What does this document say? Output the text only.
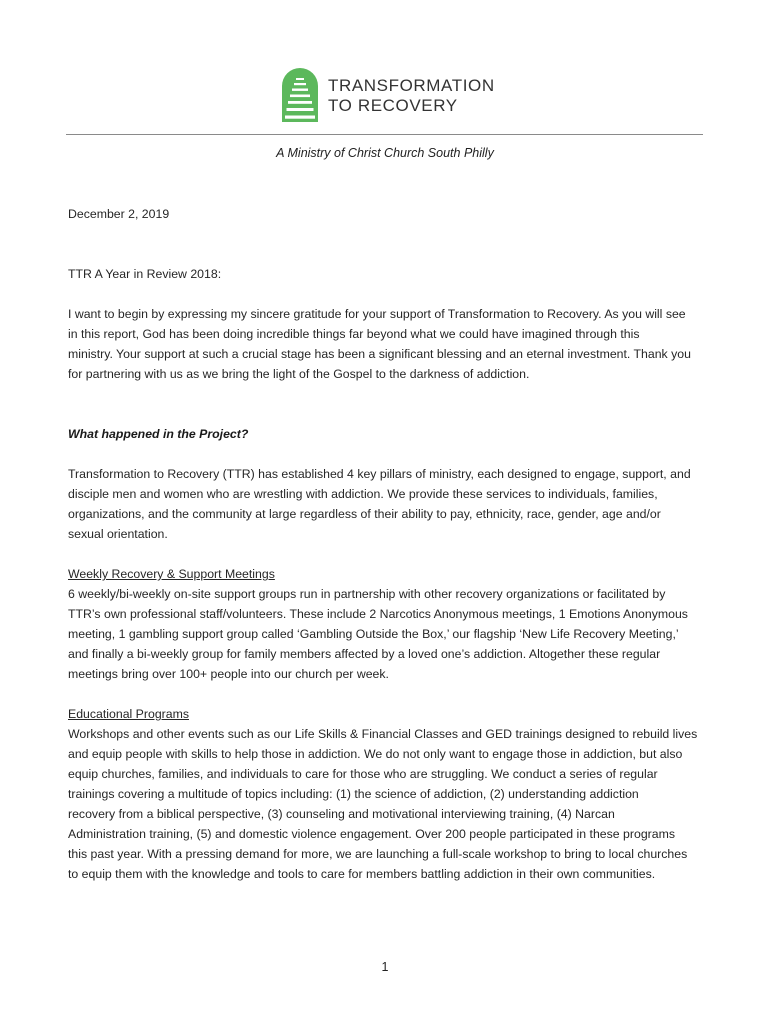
TRANSFORMATION
TO RECOVERY
A Ministry of Christ Church South Philly
December 2, 2019
TTR A Year in Review 2018:
I want to begin by expressing my sincere gratitude for your support of Transformation to Recovery. As you will see
in this report, God has been doing incredible things far beyond what we could have imagined through this
ministry. Your support at such a crucial stage has been a significant blessing and an eternal investment. Thank you
for partnering with us as we bring the light of the Gospel to the darkness of addiction.
What happened in the Project?
Transformation to Recovery (TTR) has established 4 key pillars of ministry, each designed to engage, support, and
disciple men and women who are wrestling with addiction. We provide these services to individuals, families,
organizations, and the community at large regardless of their ability to pay, ethnicity, race, gender, age and/or
sexual orientation.
Weekly Recovery & Support Meetings
6 weekly/bi-weekly on-site support groups run in partnership with other recovery organizations or facilitated by
TTR’s own professional staff/volunteers. These include 2 Narcotics Anonymous meetings, 1 Emotions Anonymous
meeting, 1 gambling support group called ‘Gambling Outside the Box,’ our flagship ‘New Life Recovery Meeting,’
and finally a bi-weekly group for family members affected by a loved one’s addiction. Altogether these regular
meetings bring over 100+ people into our church per week.
Educational Programs
Workshops and other events such as our Life Skills & Financial Classes and GED trainings designed to rebuild lives
and equip people with skills to help those in addiction. We do not only want to engage those in addiction, but also
equip churches, families, and individuals to care for those who are struggling. We conduct a series of regular
trainings covering a multitude of topics including: (1) the science of addiction, (2) understanding addiction
recovery from a biblical perspective, (3) counseling and motivational interviewing training, (4) Narcan
Administration training, (5) and domestic violence engagement. Over 200 people participated in these programs
this past year. With a pressing demand for more, we are launching a full-scale workshop to bring to local churches
to equip them with the knowledge and tools to care for members battling addiction in their own communities.
1
